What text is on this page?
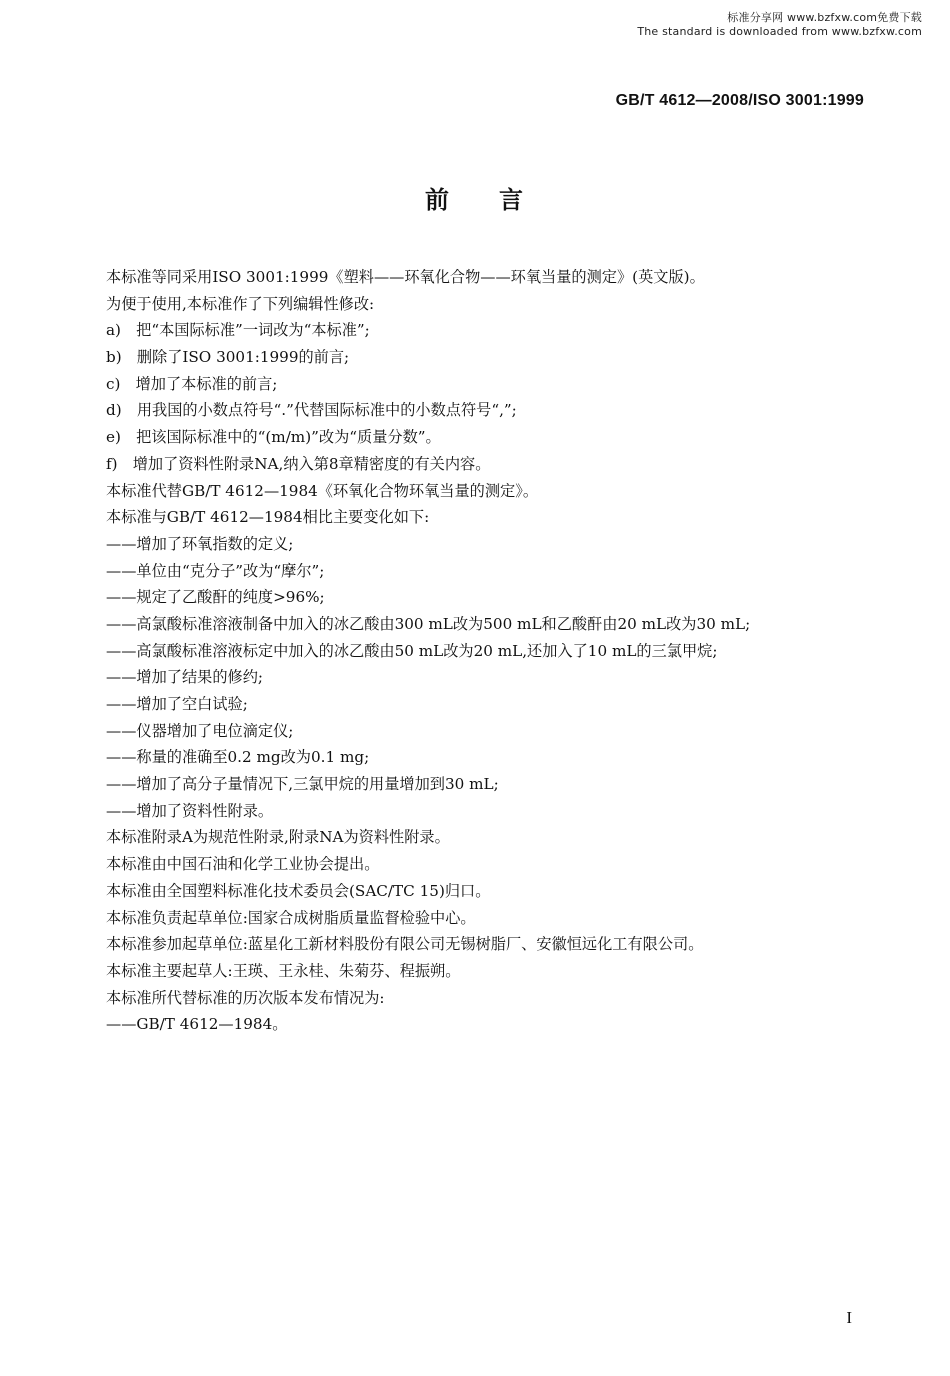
标准分享网 www.bzfxw.com免费下载
The standard is downloaded from www.bzfxw.com
GB/T 4612—2008/ISO 3001:1999
前 言
本标准等同采用ISO 3001:1999《塑料——环氧化合物——环氧当量的测定》(英文版)。
为便于使用,本标准作了下列编辑性修改:
a)　把“本国际标准”一词改为“本标准”;
b)　删除了ISO 3001:1999的前言;
c)　增加了本标准的前言;
d)　用我国的小数点符号“.”代替国际标准中的小数点符号“,”;
e)　把该国际标准中的“(m/m)”改为“质量分数”。
f)　增加了资料性附录NA,纳入第8章精密度的有关内容。
本标准代替GB/T 4612—1984《环氧化合物环氧当量的测定》。
本标准与GB/T 4612—1984相比主要变化如下:
——增加了环氧指数的定义;
——单位由“克分子”改为“摩尔”;
——规定了乙酸酐的纯度>96%;
——高氯酸标准溶液制备中加入的冰乙酸由300 mL改为500 mL和乙酸酐由20 mL改为30 mL;
——高氯酸标准溶液标定中加入的冰乙酸由50 mL改为20 mL,还加入了10 mL的三氯甲烷;
——增加了结果的修约;
——增加了空白试验;
——仪器增加了电位滴定仪;
——称量的准确至0.2 mg改为0.1 mg;
——增加了高分子量情况下,三氯甲烷的用量增加到30 mL;
——增加了资料性附录。
本标准附录A为规范性附录,附录NA为资料性附录。
本标准由中国石油和化学工业协会提出。
本标准由全国塑料标准化技术委员会(SAC/TC 15)归口。
本标准负责起草单位:国家合成树脂质量监督检验中心。
本标准参加起草单位:蓝星化工新材料股份有限公司无锡树脂厂、安徽恒远化工有限公司。
本标准主要起草人:王瑛、王永桂、朱菊芬、程振朔。
本标准所代替标准的历次版本发布情况为:
——GB/T 4612—1984。
I
